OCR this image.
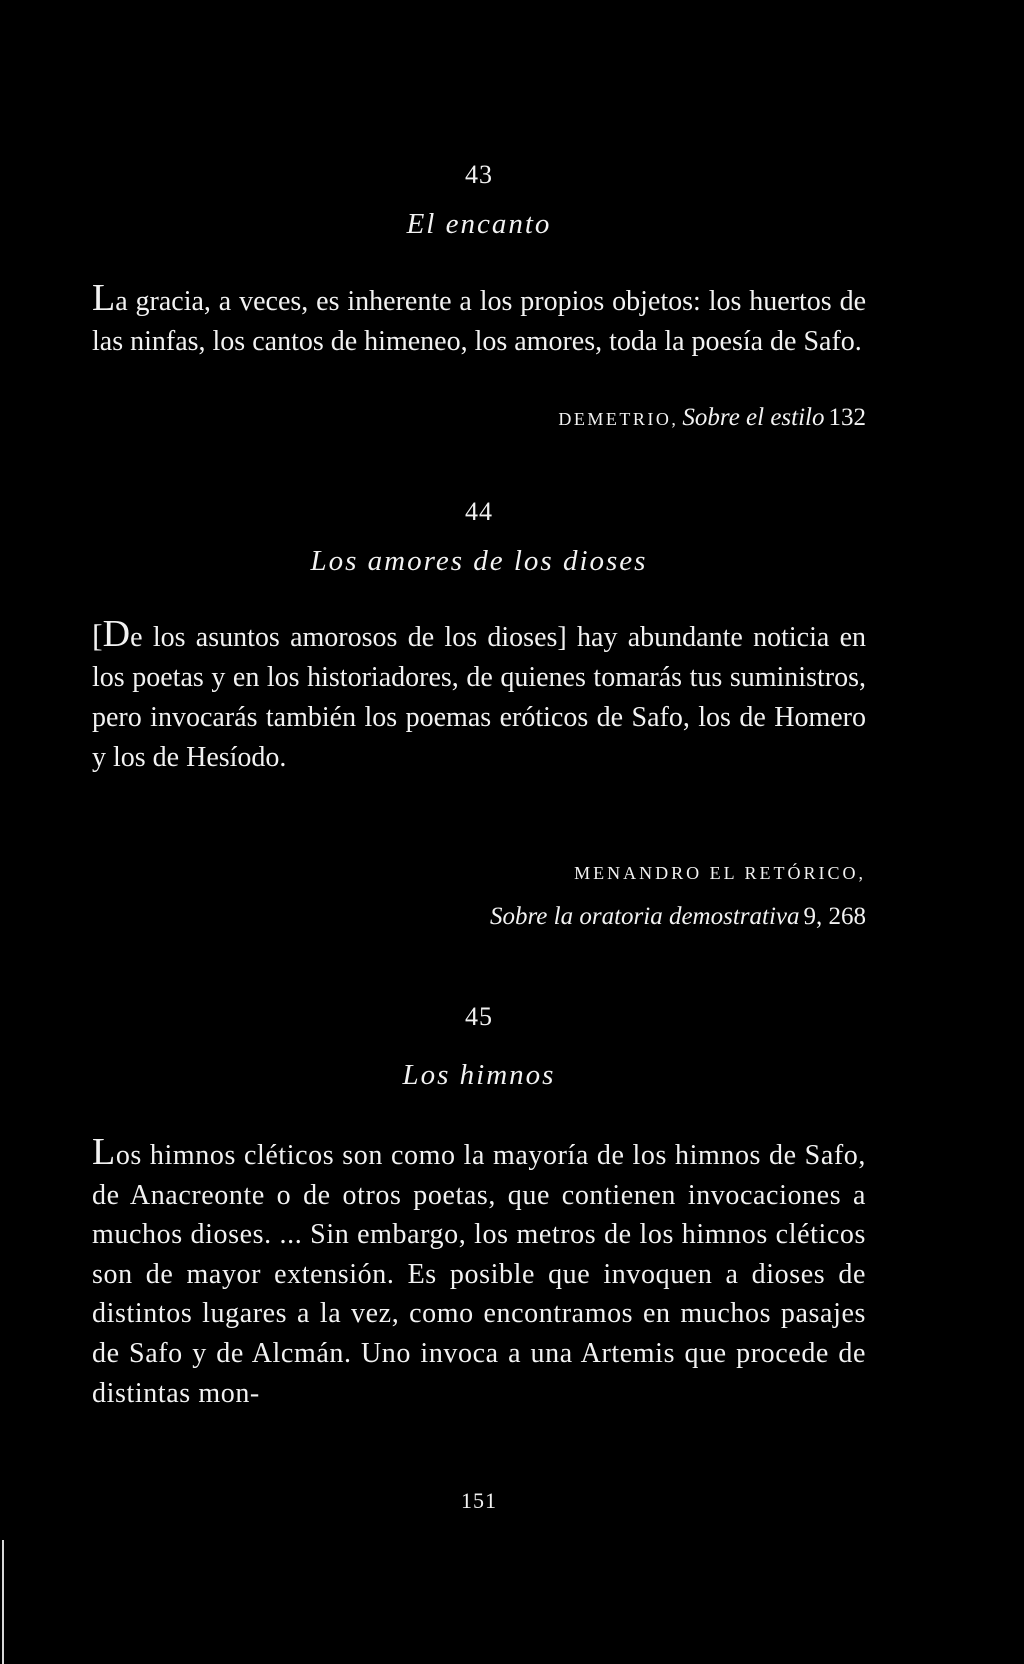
43
El encanto

La gracia, a veces, es inherente a los propios objetos: los huertos de las ninfas, los cantos de himeneo, los amores, toda la poesía de Safo.

DEMETRIO, Sobre el estilo 132
44
Los amores de los dioses

[De los asuntos amorosos de los dioses] hay abundante noticia en los poetas y en los historiadores, de quienes tomarás tus suministros, pero invocarás también los poemas eróticos de Safo, los de Homero y los de Hesíodo.

MENANDRO EL RETÓRICO,
Sobre la oratoria demostrativa 9, 268
45
Los himnos

Los himnos cléticos son como la mayoría de los himnos de Safo, de Anacreonte o de otros poetas, que contienen invocaciones a muchos dioses. ... Sin embargo, los metros de los himnos cléticos son de mayor extensión. Es posible que invoquen a dioses de distintos lugares a la vez, como encontramos en muchos pasajes de Safo y de Alcmán. Uno invoca a una Artemis que procede de distintas mon-

151
